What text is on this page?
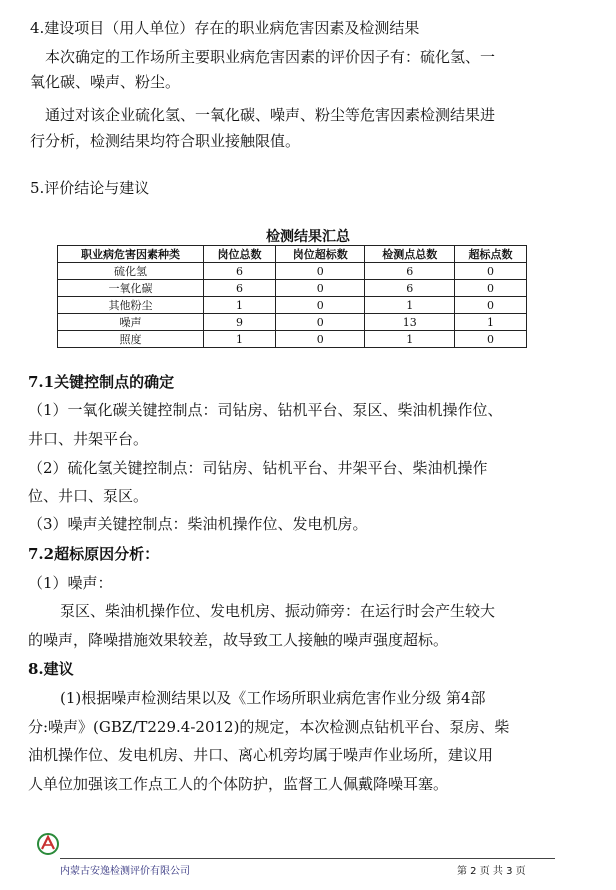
4.建设项目（用人单位）存在的职业病危害因素及检测结果
本次确定的工作场所主要职业病危害因素的评价因子有：硫化氢、一
氧化碳、噪声、粉尘。
通过对该企业硫化氢、一氧化碳、噪声、粉尘等危害因素检测结果进
行分析，检测结果均符合职业接触限值。
5.评价结论与建议
检测结果汇总
职业病危害因素种类	岗位总数	岗位超标数	检测点总数	超标点数
硫化氢	6	0	6	0
一氧化碳	6	0	6	0
其他粉尘	1	0	1	0
噪声	9	0	13	1
照度	1	0	1	0
7.1关键控制点的确定
（1）一氧化碳关键控制点：司钻房、钻机平台、泵区、柴油机操作位、
井口、井架平台。
（2）硫化氢关键控制点：司钻房、钻机平台、井架平台、柴油机操作
位、井口、泵区。
（3）噪声关键控制点：柴油机操作位、发电机房。
7.2超标原因分析：
（1）噪声：
泵区、柴油机操作位、发电机房、振动筛旁：在运行时会产生较大
的噪声，降噪措施效果较差，故导致工人接触的噪声强度超标。
8.建议
(1)根据噪声检测结果以及《工作场所职业病危害作业分级 第4部
分:噪声》(GBZ/T229.4-2012)的规定，本次检测点钻机平台、泵房、柴
油机操作位、发电机房、井口、离心机旁均属于噪声作业场所，建议用
人单位加强该工作点工人的个体防护，监督工人佩戴降噪耳塞。
内蒙古安逸检测评价有限公司	第 2 页 共 3 页
